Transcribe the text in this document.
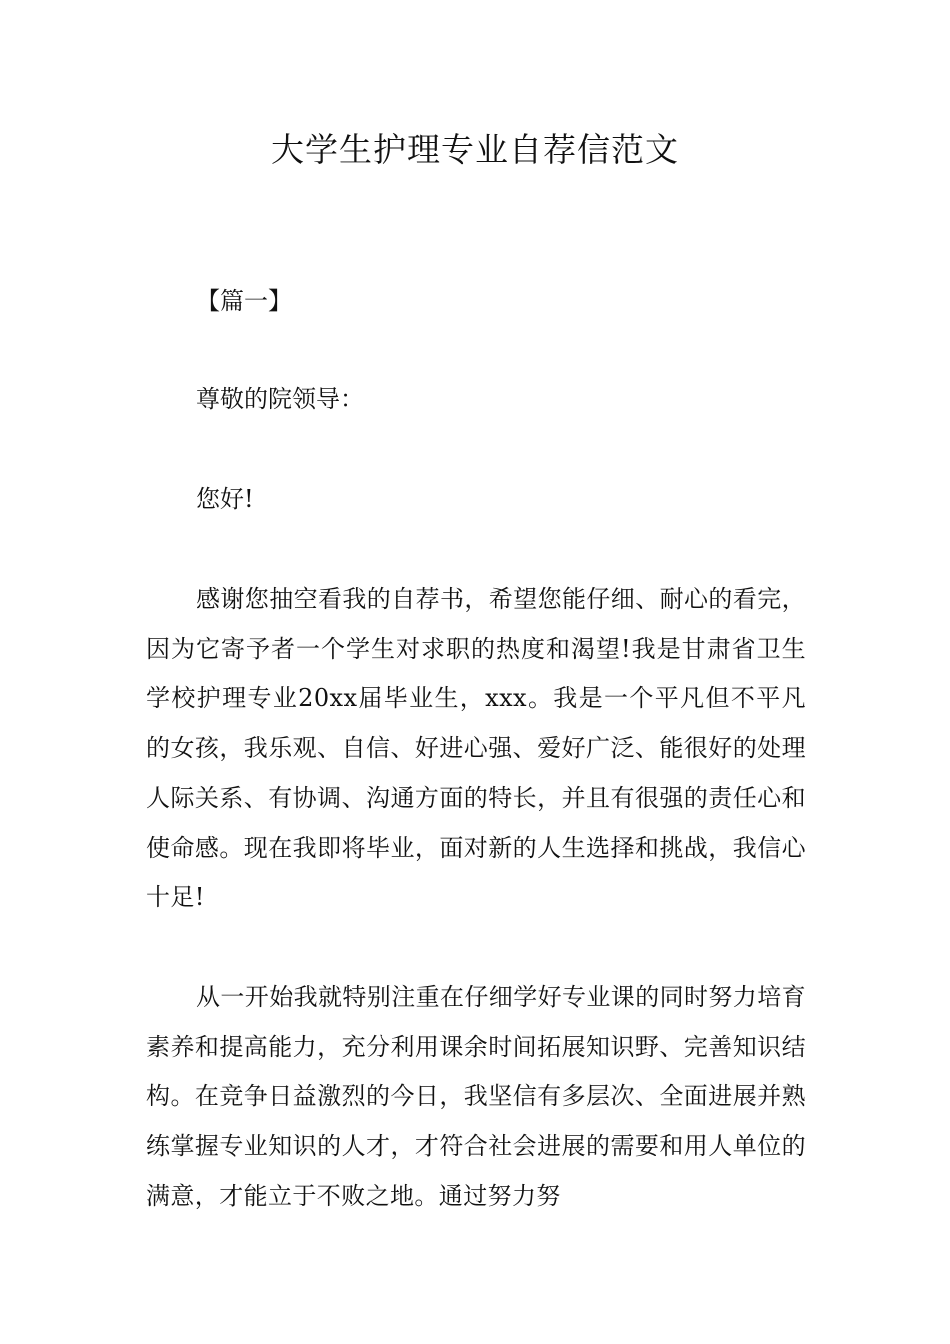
大学生护理专业自荐信范文

【篇一】

尊敬的院领导：

您好!

感谢您抽空看我的自荐书，希望您能仔细、耐心的看完，因为它寄予者一个学生对求职的热度和渴望!我是甘肃省卫生学校护理专业20xx届毕业生，xxx。我是一个平凡但不平凡的女孩，我乐观、自信、好进心强、爱好广泛、能很好的处理人际关系、有协调、沟通方面的特长，并且有很强的责任心和使命感。现在我即将毕业，面对新的人生选择和挑战，我信心十足!

从一开始我就特别注重在仔细学好专业课的同时努力培育素养和提高能力，充分利用课余时间拓展知识野、完善知识结构。在竞争日益激烈的今日，我坚信有多层次、全面进展并熟练掌握专业知识的人才，才符合社会进展的需要和用人单位的满意，才能立于不败之地。通过努力努
